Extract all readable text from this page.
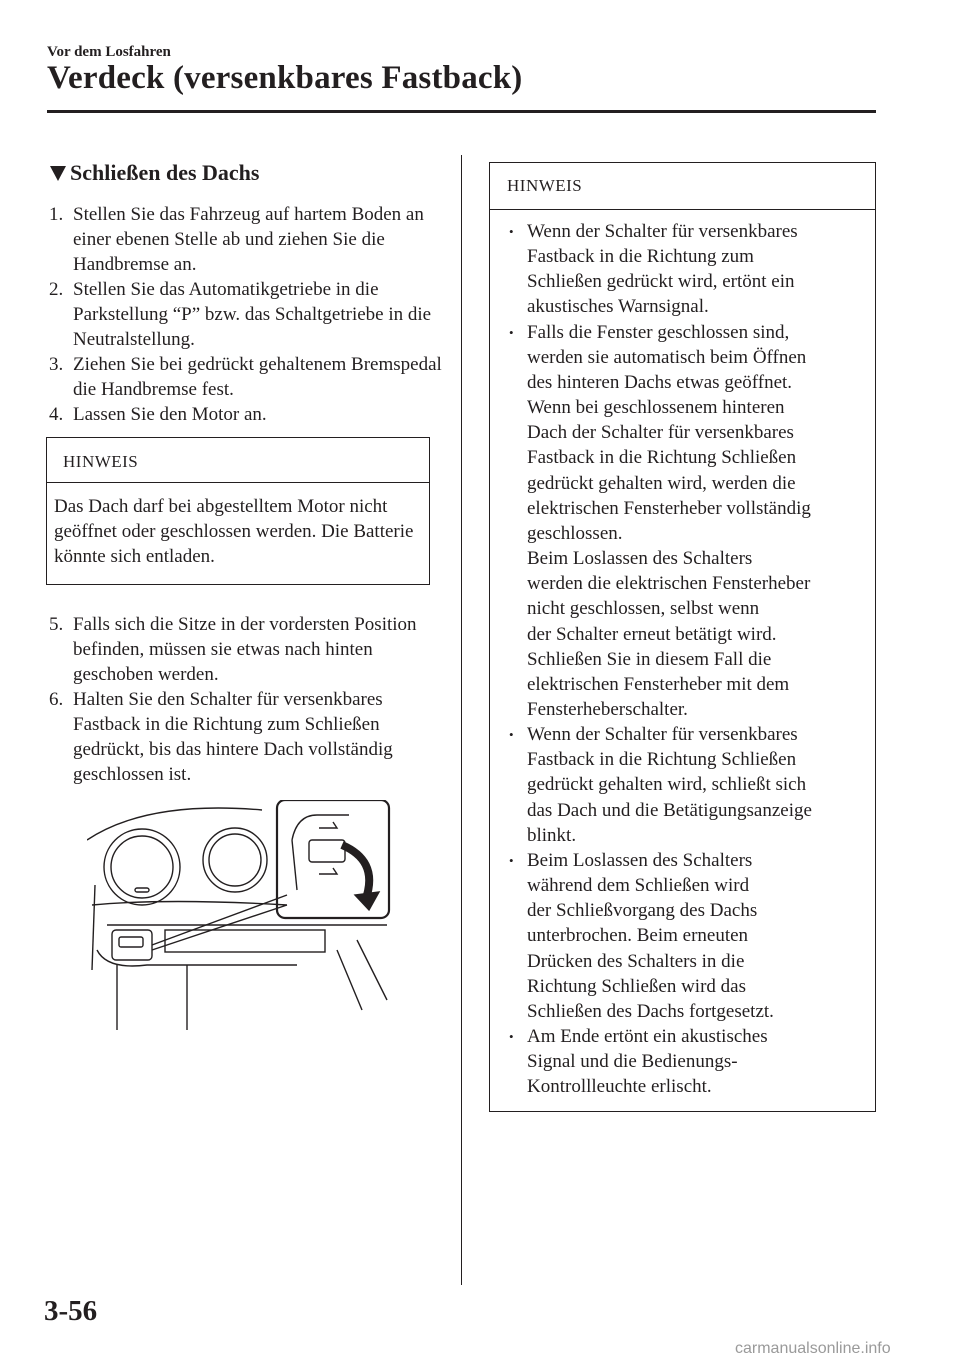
Vor dem Losfahren
Verdeck (versenkbares Fastback)
Schließen des Dachs
1. Stellen Sie das Fahrzeug auf hartem Boden an einer ebenen Stelle ab und ziehen Sie die Handbremse an.
2. Stellen Sie das Automatikgetriebe in die Parkstellung “P” bzw. das Schaltgetriebe in die Neutralstellung.
3. Ziehen Sie bei gedrückt gehaltenem Bremspedal die Handbremse fest.
4. Lassen Sie den Motor an.
HINWEIS
Das Dach darf bei abgestelltem Motor nicht geöffnet oder geschlossen werden. Die Batterie könnte sich entladen.
5. Falls sich die Sitze in der vordersten Position befinden, müssen sie etwas nach hinten geschoben werden.
6. Halten Sie den Schalter für versenkbares Fastback in die Richtung zum Schließen gedrückt, bis das hintere Dach vollständig geschlossen ist.
HINWEIS
• Wenn der Schalter für versenkbares
Fastback in die Richtung zum
Schließen gedrückt wird, ertönt ein
akustisches Warnsignal.
• Falls die Fenster geschlossen sind,
werden sie automatisch beim Öffnen
des hinteren Dachs etwas geöffnet.
Wenn bei geschlossenem hinteren
Dach der Schalter für versenkbares
Fastback in die Richtung Schließen
gedrückt gehalten wird, werden die
elektrischen Fensterheber vollständig
geschlossen.
Beim Loslassen des Schalters
werden die elektrischen Fensterheber
nicht geschlossen, selbst wenn
der Schalter erneut betätigt wird.
Schließen Sie in diesem Fall die
elektrischen Fensterheber mit dem
Fensterheberschalter.
• Wenn der Schalter für versenkbares
Fastback in die Richtung Schließen
gedrückt gehalten wird, schließt sich
das Dach und die Betätigungsanzeige
blinkt.
• Beim Loslassen des Schalters
während dem Schließen wird
der Schließvorgang des Dachs
unterbrochen. Beim erneuten
Drücken des Schalters in die
Richtung Schließen wird das
Schließen des Dachs fortgesetzt.
• Am Ende ertönt ein akustisches
Signal und die Bedienungs-
Kontrollleuchte erlischt.
3-56
carmanualsonline.info
